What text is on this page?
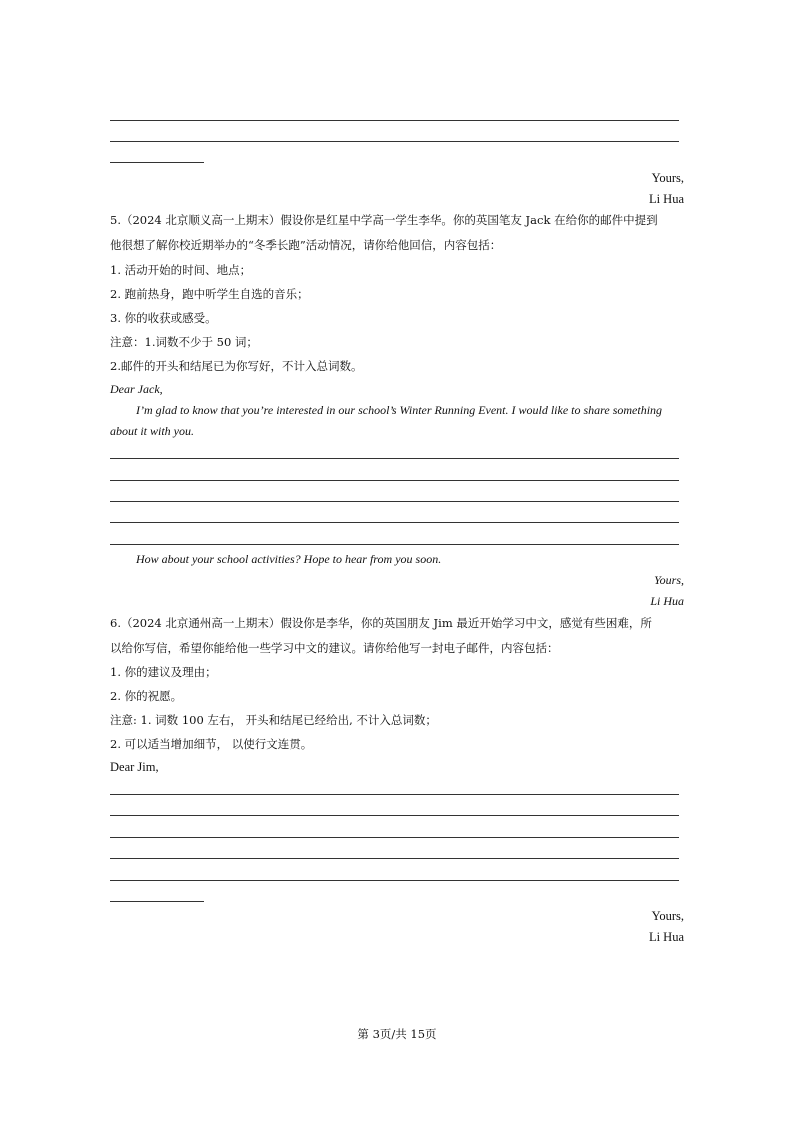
Yours,
Li Hua
5.（2024 北京顺义高一上期末）假设你是红星中学高一学生李华。你的英国笔友 Jack 在给你的邮件中提到
他很想了解你校近期举办的“冬季长跑”活动情况，请你给他回信，内容包括：
1. 活动开始的时间、地点；
2. 跑前热身，跑中听学生自选的音乐；
3. 你的收获或感受。
注意：1.词数不少于 50 词；
2.邮件的开头和结尾已为你写好，不计入总词数。
Dear Jack,
I’m glad to know that you’re interested in our school’s Winter Running Event. I would like to share something
about it with you.
How about your school activities? Hope to hear from you soon.
Yours,
Li Hua
6.（2024 北京通州高一上期末）假设你是李华，你的英国朋友 Jim 最近开始学习中文，感觉有些困难，所
以给你写信，希望你能给他一些学习中文的建议。请你给他写一封电子邮件，内容包括：
1. 你的建议及理由；
2. 你的祝愿。
注意: 1. 词数 100 左右， 开头和结尾已经给出, 不计入总词数；
2. 可以适当增加细节， 以使行文连贯。
Dear Jim,
Yours,
Li Hua
第 3页/共 15页
